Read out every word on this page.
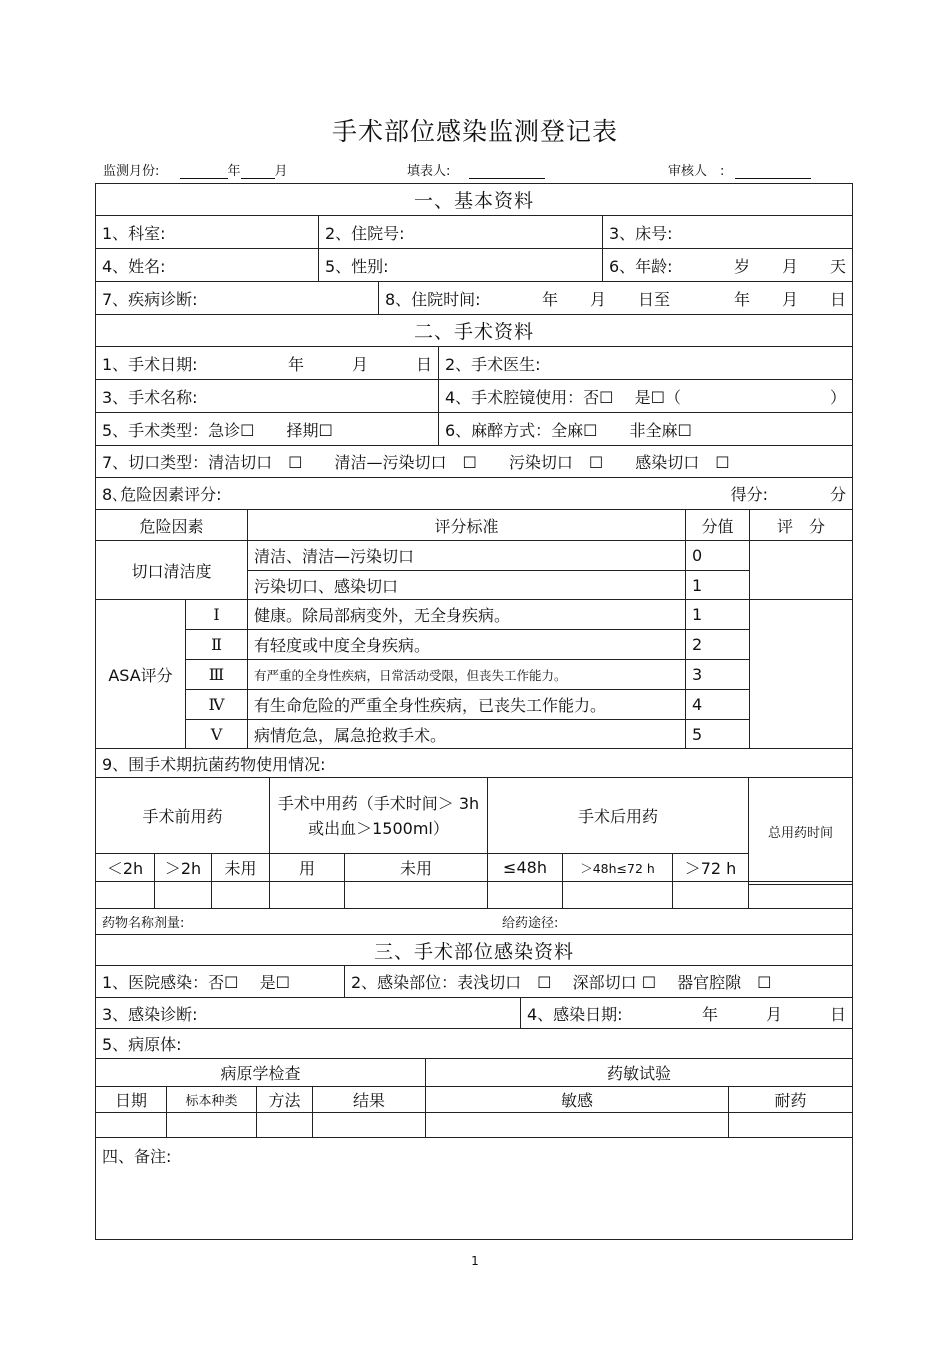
手术部位感染监测登记表
监测月份:	年	月	填表人:	审核人　:
一、基本资料
1、科室:	2、住院号:	3、床号:
4、姓名:	5、性别:	6、年龄:	岁　　月　　天
7、疾病诊断:	8、住院时间:	年　　月　　日至　　　　年　　月　　日
二、手术资料
1、手术日期:	年　　　月　　　日 2、手术医生:
3、手术名称:	4、手术腔镜使用：否☐　 是☐（	）
5、手术类型：急诊☐　　择期☐	6、麻醉方式：全麻☐　　非全麻☐
7、切口类型：清洁切口　☐　　清洁—污染切口　☐　　污染切口　☐　　感染切口　☐
8､危险因素评分:	得分:	分
危险因素	评分标准	分值	评　分
切口清洁度
清洁、清洁—污染切口	0
污染切口、感染切口	1
ASA评分
Ⅰ	健康。除局部病变外，无全身疾病。	1
Ⅱ	有轻度或中度全身疾病。	2
Ⅲ	有严重的全身性疾病，日常活动受限，但丧失工作能力。	3
Ⅳ	有生命危险的严重全身性疾病，已丧失工作能力。	4
Ⅴ	病情危急，属急抢救手术。	5
9、围手术期抗菌药物使用情况:
手术前用药
手术中用药（手术时间＞ 3h 或出血＞1500ml）
手术后用药
总用药时间
＜2h	＞2h	未用	用	未用	≤48h	＞48h≤72 h	＞72 h
药物名称剂量:	给药途径:
三、手术部位感染资料
1、医院感染：否☐　 是☐	2、感染部位：表浅切口　☐　 深部切口 ☐　 器官腔隙　☐
3、感染诊断:	4、感染日期:	年　　　月　　　日
5、病原体:
病原学检查	药敏试验
日期	标本种类	方法	结果	敏感	耐药
四、备注:
1
